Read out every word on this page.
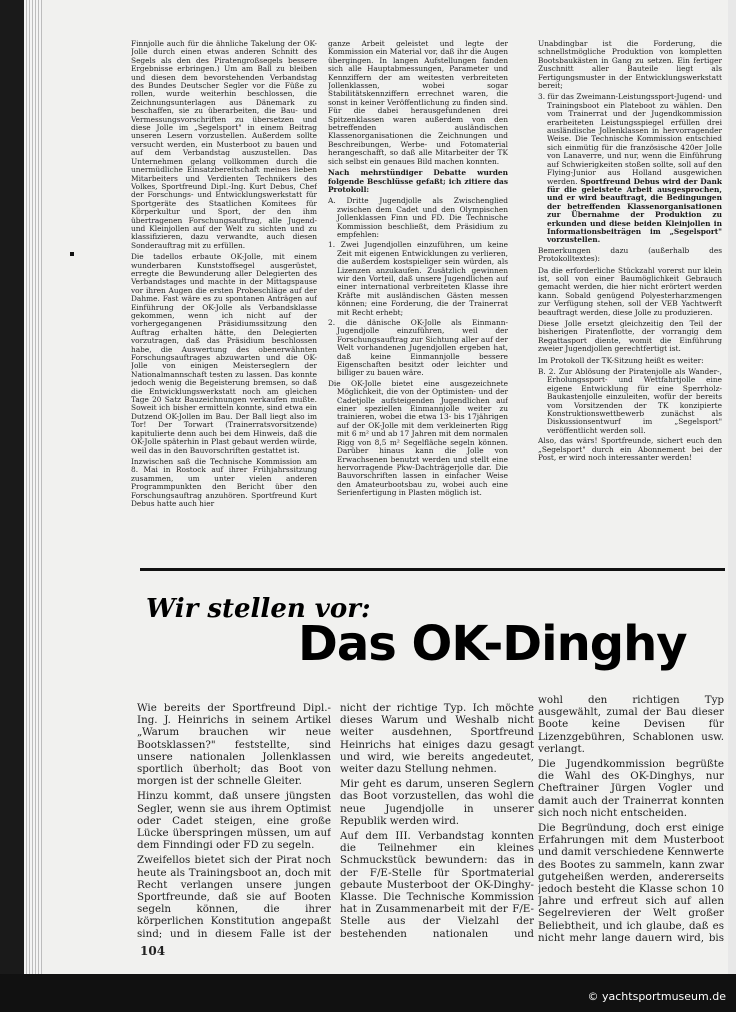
Finnjolle auch für die ähnliche Takelung der OK-Jolle durch einen etwas anderen Schnitt des Segels als den des Piratengroßsegels bessere Ergebnisse erbringen.) Um am Ball zu bleiben und diesen dem bevorstehenden Verbandstag des Bundes Deutscher Segler vor die Füße zu rollen, wurde weiterhin beschlossen, die Zeichnungsunterlagen aus Dänemark zu beschaffen, sie zu überarbeiten, die Bau- und Vermessungsvorschriften zu übersetzen und diese Jolle im „Segelsport" in einem Beitrag unseren Lesern vorzustellen. Außerdem sollte versucht werden, ein Musterboot zu bauen und auf dem Verbandstag auszustellen. Das Unternehmen gelang vollkommen durch die unermüdliche Einsatzbereitschaft meines lieben Mitarbeiters und Verdienten Technikers des Volkes, Sportfreund Dipl.-Ing. Kurt Debus, Chef der Forschungs- und Entwicklungswerkstatt für Sportgeräte des Staatlichen Komitees für Körperkultur und Sport, der den ihm übertragenen Forschungsauftrag, alle Jugend- und Kleinjollen auf der Welt zu sichten und zu klassifizieren, dazu verwandte, auch diesen Sonderauftrag mit zu erfüllen.

Die tadellos erbaute OK-Jolle, mit einem wunderbaren Kunststoffsegel ausgerüstet, erregte die Bewunderung aller Delegierten des Verbandstages und machte in der Mittagspause vor ihren Augen die ersten Probeschläge auf der Dahme. Fast wäre es zu spontanen Anträgen auf Einführung der OK-Jolle als Verbandsklasse gekommen, wenn ich nicht auf der vorhergegangenen Präsidiumssitzung den Auftrag erhalten hätte, den Delegierten vorzutragen, daß das Präsidium beschlossen habe, die Auswertung des obenerwähnten Forschungsauftrages abzuwarten und die OK-Jolle von einigen Meisterseglern der Nationalmannschaft testen zu lassen. Das konnte jedoch wenig die Begeisterung bremsen, so daß die Entwicklungswerkstatt noch am gleichen Tage 20 Satz Bauzeichnungen verkaufen mußte. Soweit ich bisher ermitteln konnte, sind etwa ein Dutzend OK-Jollen im Bau. Der Ball liegt also im Tor! Der Torwart (Trainerratsvorsitzende) kapitulierte denn auch bei dem Hinweis, daß die OK-Jolle späterhin in Plast gebaut werden würde, weil das in den Bauvorschriften gestattet ist.

Inzwischen saß die Technische Kommission am 8. Mai in Rostock auf ihrer Frühjahrssitzung zusammen, um unter vielen anderen Programmpunkten den Bericht über den Forschungsauftrag anzuhören. Sportfreund Kurt Debus hatte auch hier

ganze Arbeit geleistet und legte der Kommission ein Material vor, daß ihr die Augen übergingen. In langen Aufstellungen fanden sich alle Hauptabmessungen, Parameter und Kennziffern der am weitesten verbreiteten Jollenklassen, wobei sogar Stabilitätskennziffern errechnet waren, die sonst in keiner Veröffentlichung zu finden sind. Für die dabei herausgefundenen drei Spitzenklassen waren außerdem von den betreffenden ausländischen Klassenorganisationen die Zeichnungen und Beschreibungen, Werbe- und Fotomaterial herangeschafft, so daß alle Mitarbeiter der TK sich selbst ein genaues Bild machen konnten.

Nach mehrstündiger Debatte wurden folgende Beschlüsse gefaßt; ich zitiere das Protokoll:

A. Dritte Jugendjolle als Zwischenglied zwischen dem Cadet und den Olympischen Jollenklassen Finn und FD. Die Technische Kommission beschließt, dem Präsidium zu empfehlen:

1. Zwei Jugendjollen einzuführen, um keine Zeit mit eigenen Entwicklungen zu verlieren, die außerdem kostspieliger sein würden, als Lizenzen anzukaufen. Zusätzlich gewinnen wir den Vorteil, daß unsere Jugendlichen auf einer international verbreiteten Klasse ihre Kräfte mit ausländischen Gästen messen können; eine Forderung, die der Trainerrat mit Recht erhebt;

2. die dänische OK-Jolle als Einmann-Jugendjolle einzuführen, weil der Forschungsauftrag zur Sichtung aller auf der Welt vorhandenen Jugendjollen ergeben hat, daß keine Einmannjolle bessere Eigenschaften besitzt oder leichter und billiger zu bauen wäre.

Die OK-Jolle bietet eine ausgezeichnete Möglichkeit, die von der Optimisten- und der Cadetjolle aufsteigenden Jugendlichen auf einer speziellen Einmannjolle weiter zu trainieren, wobei die etwa 13- bis 17jährigen auf der OK-Jolle mit dem verkleinerten Rigg mit 6 m² und ab 17 Jahren mit dem normalen Rigg von 8,5 m² Segelfläche segeln können. Darüber hinaus kann die Jolle von Erwachsenen benutzt werden und stellt eine hervorragende Pkw-Dachträgerjolle dar. Die Bauvorschriften lassen in einfacher Weise den Amateurbootsbau zu, wobei auch eine Serienfertigung in Plasten möglich ist.

Unabdingbar ist die Forderung, die schnellstmögliche Produktion von kompletten Bootsbaukästen in Gang zu setzen. Ein fertiger Zuschnitt aller Bauteile liegt als Fertigungsmuster in der Entwicklungswerkstatt bereit;

3. für das Zweimann-Leistungssport-Jugend- und Trainingsboot ein Plateboot zu wählen. Den vom Trainerrat und der Jugendkommission erarbeiteten Leistungsspiegel erfüllen drei ausländische Jollenklassen in hervorragender Weise. Die Technische Kommission entschied sich einmütig für die französische 420er Jolle von Lanaverre, und nur, wenn die Einführung auf Schwierigkeiten stoßen sollte, soll auf den Flying-Junior aus Holland ausgewichen werden. Sportfreund Debus wird der Dank für die geleistete Arbeit ausgesprochen, und er wird beauftragt, die Bedingungen der betreffenden Klassenorganisationen zur Übernahme der Produktion zu erkunden und diese beiden Kleinjollen in Informationsbeiträgen im „Segelsport" vorzustellen.

Bemerkungen dazu (außerhalb des Protokolltextes):

Da die erforderliche Stückzahl vorerst nur klein ist, soll von einer Baumöglichkeit Gebrauch gemacht werden, die hier nicht erörtert werden kann. Sobald genügend Polyesterharzmengen zur Verfügung stehen, soll der VEB Yachtwerft beauftragt werden, diese Jolle zu produzieren.

Diese Jolle ersetzt gleichzeitig den Teil der bisherigen Piratenflotte, der vorrangig dem Regattasport diente, womit die Einführung zweier Jugendjollen gerechtfertigt ist.

Im Protokoll der TK-Sitzung heißt es weiter:

B. 2. Zur Ablösung der Piratenjolle als Wander-, Erholungssport- und Wettfahrtjolle eine eigene Entwicklung für eine Sperrholz-Baukastenjolle einzuleiten, wofür der bereits vom Vorsitzenden der TK konzipierte Konstruktionswettbewerb zunächst als Diskussionsentwurf im „Segelsport" veröffentlicht werden soll.

Also, das wärs! Sportfreunde, sichert euch den „Segelsport" durch ein Abonnement bei der Post, er wird noch interessanter werden!

Wir stellen vor:
Das OK-Dinghy

Wie bereits der Sportfreund Dipl.-Ing. J. Heinrichs in seinem Artikel „Warum brauchen wir neue Bootsklassen?" feststellte, sind unsere nationalen Jollenklassen sportlich überholt; das Boot von morgen ist der schnelle Gleiter.

Hinzu kommt, daß unsere jüngsten Segler, wenn sie aus ihrem Optimist oder Cadet steigen, eine große Lücke überspringen müssen, um auf dem Finndingi oder FD zu segeln.

Zweifellos bietet sich der Pirat noch heute als Trainingsboot an, doch mit Recht verlangen unsere jungen Sportfreunde, daß sie auf Booten segeln können, die ihrer körperlichen Konstitution angepaßt sind; und in diesem Falle ist der

nicht der richtige Typ. Ich möchte dieses Warum und Weshalb nicht weiter ausdehnen, Sportfreund Heinrichs hat einiges dazu gesagt und wird, wie bereits angedeutet, weiter dazu Stellung nehmen.

Mir geht es darum, unseren Seglern das Boot vorzustellen, das wohl die neue Jugendjolle in unserer Republik werden wird.

Auf dem III. Verbandstag konnten die Teilnehmer ein kleines Schmuckstück bewundern: das in der F/E-Stelle für Sportmaterial gebaute Musterboot der OK-Dinghy-Klasse. Die Technische Kommission hat in Zusammenarbeit mit der F/E-Stelle aus der Vielzahl der bestehenden nationalen und

wohl den richtigen Typ ausgewählt, zumal der Bau dieser Boote keine Devisen für Lizenzgebühren, Schablonen usw. verlangt.

Die Jugendkommission begrüßte die Wahl des OK-Dinghys, nur Cheftrainer Jürgen Vogler und damit auch der Trainerrat konnten sich noch nicht entscheiden.

Die Begründung, doch erst einige Erfahrungen mit dem Musterboot und damit verschiedene Kennwerte des Bootes zu sammeln, kann zwar gutgeheißen werden, andererseits jedoch besteht die Klasse schon 10 Jahre und erfreut sich auf allen Segelrevieren der Welt großer Beliebtheit, und ich glaube, daß es nicht mehr lange dauern wird, bis

104
© yachtsportmuseum.de
